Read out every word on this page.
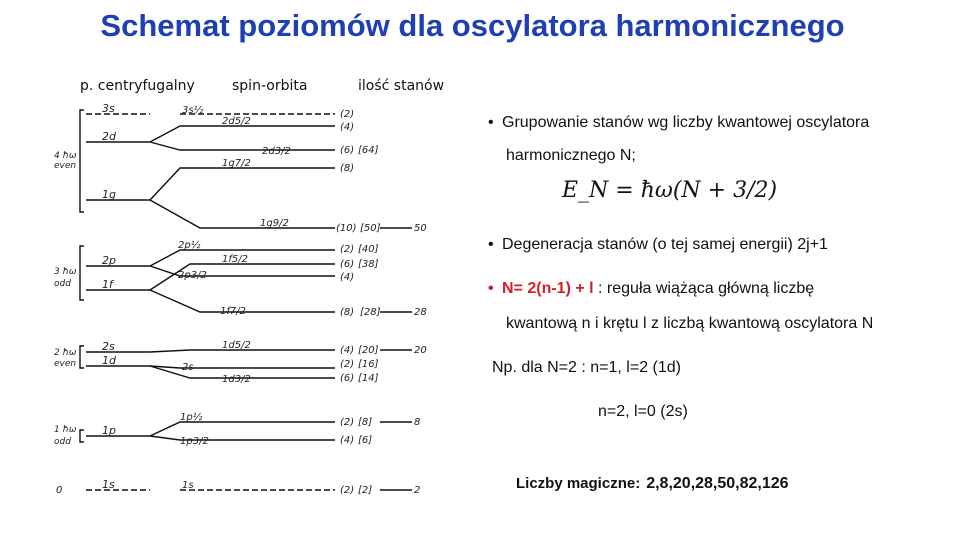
Schemat poziomów dla oscylatora harmonicznego
p. centryfugalny	spin-orbita	ilość stanów
4 ħω
even
3 ħω
odd
2 ħω
even
1 ħω
odd
0
3s
2d
1g
2p
1f
2s
1d
1p
1s
3s½
2d5/2
2d3/2
1g7/2
1g9/2
2p½
1f5/2
2p3/2
1f7/2
1d5/2
2s
1d3/2
1p½
1p3/2
1s
(2)
(4)
(6) [64]
(8)
(10) [50]	50
(2) [40]
(6) [38]
(4)
(8) [28]	28
(4) [20]	20
(2) [16]
(6) [14]
(2) [8]	8
(4) [6]
(2) [2]	2
• Grupowanie stanów wg liczby kwantowej oscylatora
harmonicznego N;
E_N = ħω(N + 3/2)
• Degeneracja stanów (o tej samej energii) 2j+1
• N= 2(n-1) + l : reguła wiążąca główną liczbę
kwantową n i krętu l z liczbą kwantową oscylatora N
Np. dla N=2 : n=1, l=2 (1d)
n=2, l=0 (2s)
Liczby magiczne: 2,8,20,28,50,82,126
